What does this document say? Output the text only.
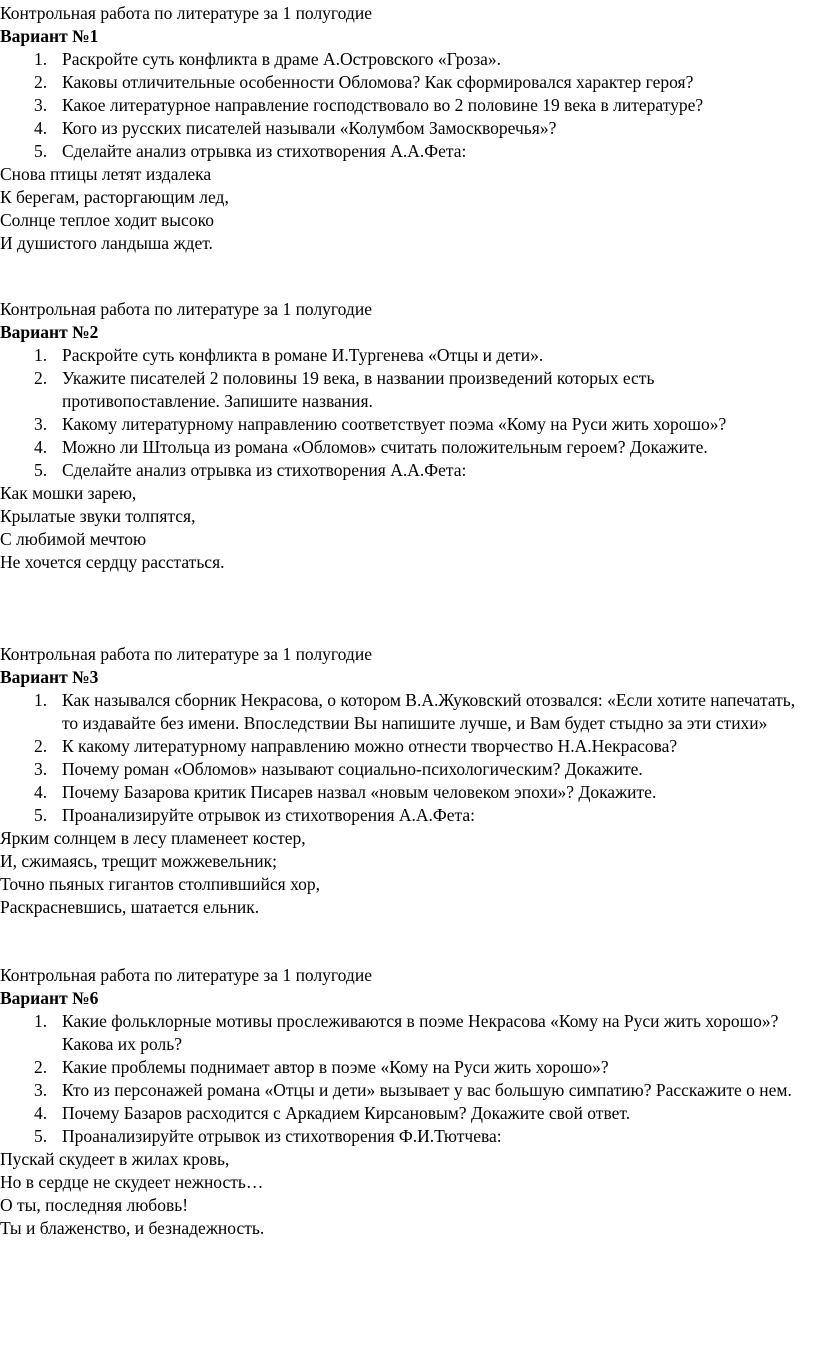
Контрольная работа по литературе за 1 полугодие
Вариант №1
1. Раскройте суть конфликта в драме А.Островского «Гроза».
2. Каковы отличительные особенности Обломова? Как сформировался характер героя?
3. Какое литературное направление господствовало во 2 половине 19 века в литературе?
4. Кого из русских писателей называли «Колумбом Замоскворечья»?
5. Сделайте анализ отрывка из стихотворения А.А.Фета:
Снова птицы летят издалека
К берегам, расторгающим лед,
Солнце теплое ходит высоко
И душистого ландыша ждет.
Контрольная работа по литературе за 1 полугодие
Вариант №2
1. Раскройте суть конфликта в романе И.Тургенева «Отцы и дети».
2. Укажите писателей 2 половины 19 века, в названии произведений которых есть противопоставление. Запишите названия.
3. Какому литературному направлению соответствует поэма «Кому на Руси жить хорошо»?
4. Можно ли Штольца из романа «Обломов» считать положительным героем? Докажите.
5. Сделайте анализ отрывка из стихотворения А.А.Фета:
Как мошки зарею,
Крылатые звуки толпятся,
С любимой мечтою
Не хочется сердцу расстаться.
Контрольная работа по литературе за 1 полугодие
Вариант №3
1. Как назывался сборник Некрасова, о котором В.А.Жуковский отозвался: «Если хотите напечатать, то издавайте без имени. Впоследствии Вы напишите лучше, и Вам будет стыдно за эти стихи»
2. К какому литературному направлению можно отнести творчество Н.А.Некрасова?
3. Почему роман «Обломов» называют социально-психологическим? Докажите.
4. Почему Базарова критик Писарев назвал «новым человеком эпохи»? Докажите.
5. Проанализируйте отрывок из стихотворения А.А.Фета:
Ярким солнцем в лесу пламенеет костер,
И, сжимаясь, трещит можжевельник;
Точно пьяных гигантов столпившийся хор,
Раскрасневшись, шатается ельник.
Контрольная работа по литературе за 1 полугодие
Вариант №6
1. Какие фольклорные мотивы прослеживаются в поэме Некрасова «Кому на Руси жить хорошо»? Какова их роль?
2. Какие проблемы поднимает автор в поэме «Кому на Руси жить хорошо»?
3. Кто из персонажей романа «Отцы и дети» вызывает у вас большую симпатию? Расскажите о нем.
4. Почему Базаров расходится с Аркадием Кирсановым? Докажите свой ответ.
5. Проанализируйте отрывок из стихотворения Ф.И.Тютчева:
Пускай скудеет в жилах кровь,
Но в сердце не скудеет нежность…
О ты, последняя любовь!
Ты и блаженство, и безнадежность.
